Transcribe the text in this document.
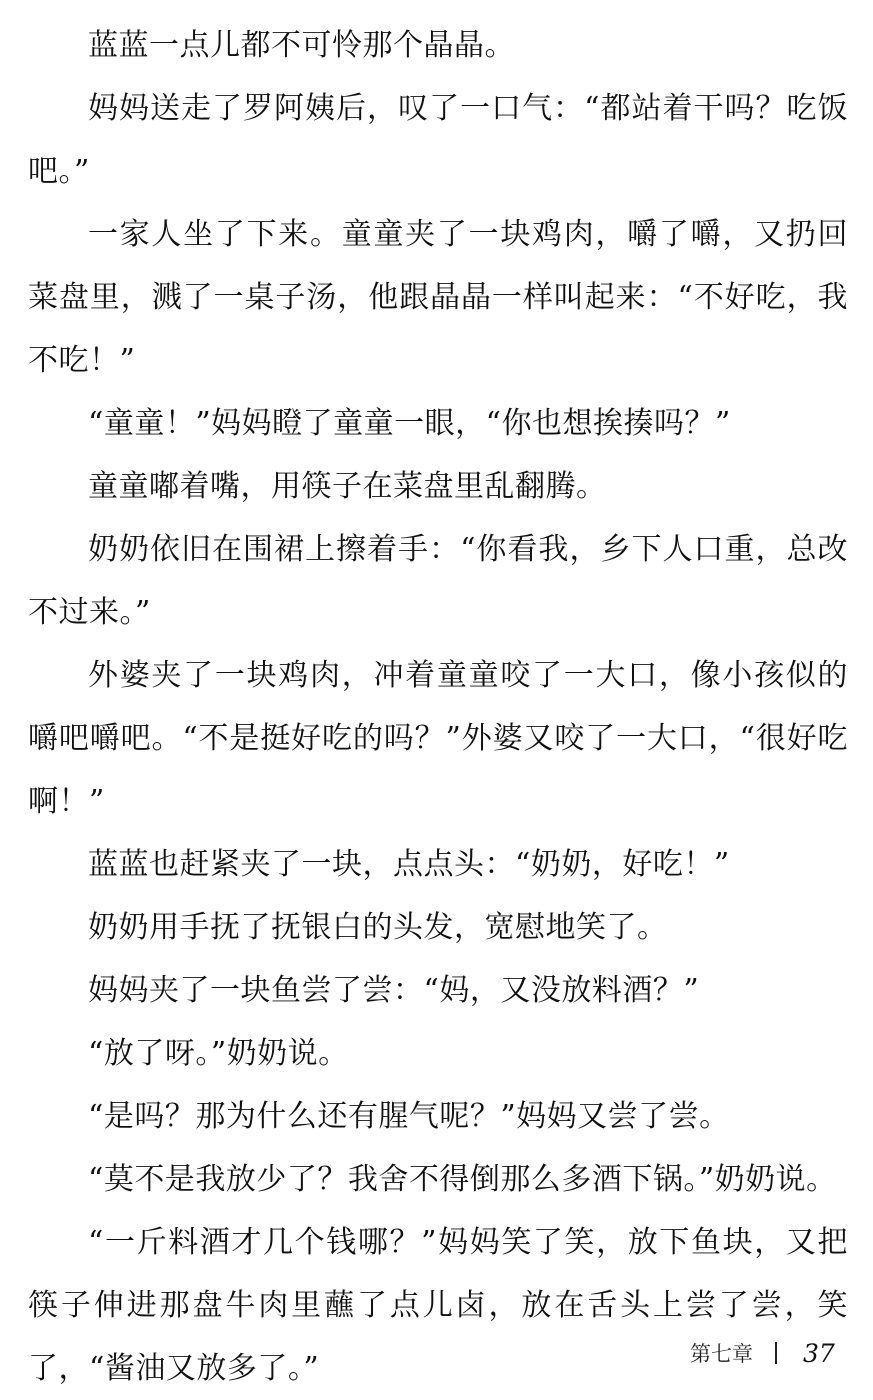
蓝蓝一点儿都不可怜那个晶晶。

妈妈送走了罗阿姨后，叹了一口气：“都站着干吗？吃饭吧。”

一家人坐了下来。童童夹了一块鸡肉，嚼了嚼，又扔回菜盘里，溅了一桌子汤，他跟晶晶一样叫起来：“不好吃，我不吃！”

“童童！”妈妈瞪了童童一眼，“你也想挨揍吗？”

童童嘟着嘴，用筷子在菜盘里乱翻腾。

奶奶依旧在围裙上擦着手：“你看我，乡下人口重，总改不过来。”

外婆夹了一块鸡肉，冲着童童咬了一大口，像小孩似的嚼吧嚼吧。“不是挺好吃的吗？”外婆又咬了一大口，“很好吃啊！”

蓝蓝也赶紧夹了一块，点点头：“奶奶，好吃！”

奶奶用手抚了抚银白的头发，宽慰地笑了。

妈妈夹了一块鱼尝了尝：“妈，又没放料酒？”

“放了呀。”奶奶说。

“是吗？那为什么还有腥气呢？”妈妈又尝了尝。

“莫不是我放少了？我舍不得倒那么多酒下锅。”奶奶说。

“一斤料酒才几个钱哪？”妈妈笑了笑，放下鱼块，又把筷子伸进那盘牛肉里蘸了点儿卤，放在舌头上尝了尝，笑了，“酱油又放多了。”	第七章 37
